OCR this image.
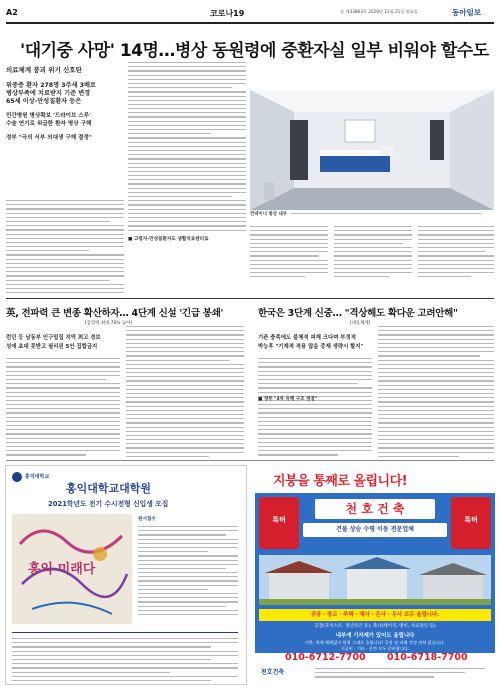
A2	코로나19	㊈ 제33863호 2020년 12월 21일 월요일	동아일보
'대기중 사망' 14명…병상 동원령에 중환자실 일부 비워야 할수도
의료체계 붕괴 위기 신호탄
위중증 환자 278명 3주새 3배로
병상부족에 치료받지 기준 변경
65세 이상-만성질환자 등은
민간병원 병상확보 '드라이브 스루'
수술 연기로 위급한 환자 병상 구해
정부 "극의 서부 의대생 구해 결정"
■ 고령자-만성질환자도 생활치료센터로
컨테이너 병상 내부
英, 전파력 큰 변종 확산하자… 4단계 신설 '긴급 봉쇄'
[감염력 최대 70% 높아]
런던 등 남동부 인구밀집 지역 최고 경보
성에 초대 못받고 필리핀 5인 집합금지
한국은 3단계 신중… "격상해도 확다운 고려안해"
[대응체계]
기존 충족에도 불체적 피해 크다며 부정적
박능후 "기계적 적용 않을 중재 생략시 할지"
■ 정부 "3차 유행 구조 정점"
홍익대학교
홍익대학교대학원
2021학년도 전기 수시전형 신입생 모집
홍익 미래다
원서접수
지붕을 통째로 올립니다!
특허	특허
천 호 건 축
건물 상승 수평 이동 전문업체
공장 · 창고 · 주택 · 계사 · 돈사 · 우사 모두 올립니다.
공장(호이스트, 생산라인 등), 축사(케이지, 멧비, 사료라인 등)
내부에 기자재가 있어도 올립니다
지붕, 벽체 해체없이 원형 그대로 올립니다! 공정 및 피해 걱정 전혀 없습니다.
시공비 · 기타 · 운반 모두 준비합니다.
010-6712-7700 010-6718-7700
천호건축
